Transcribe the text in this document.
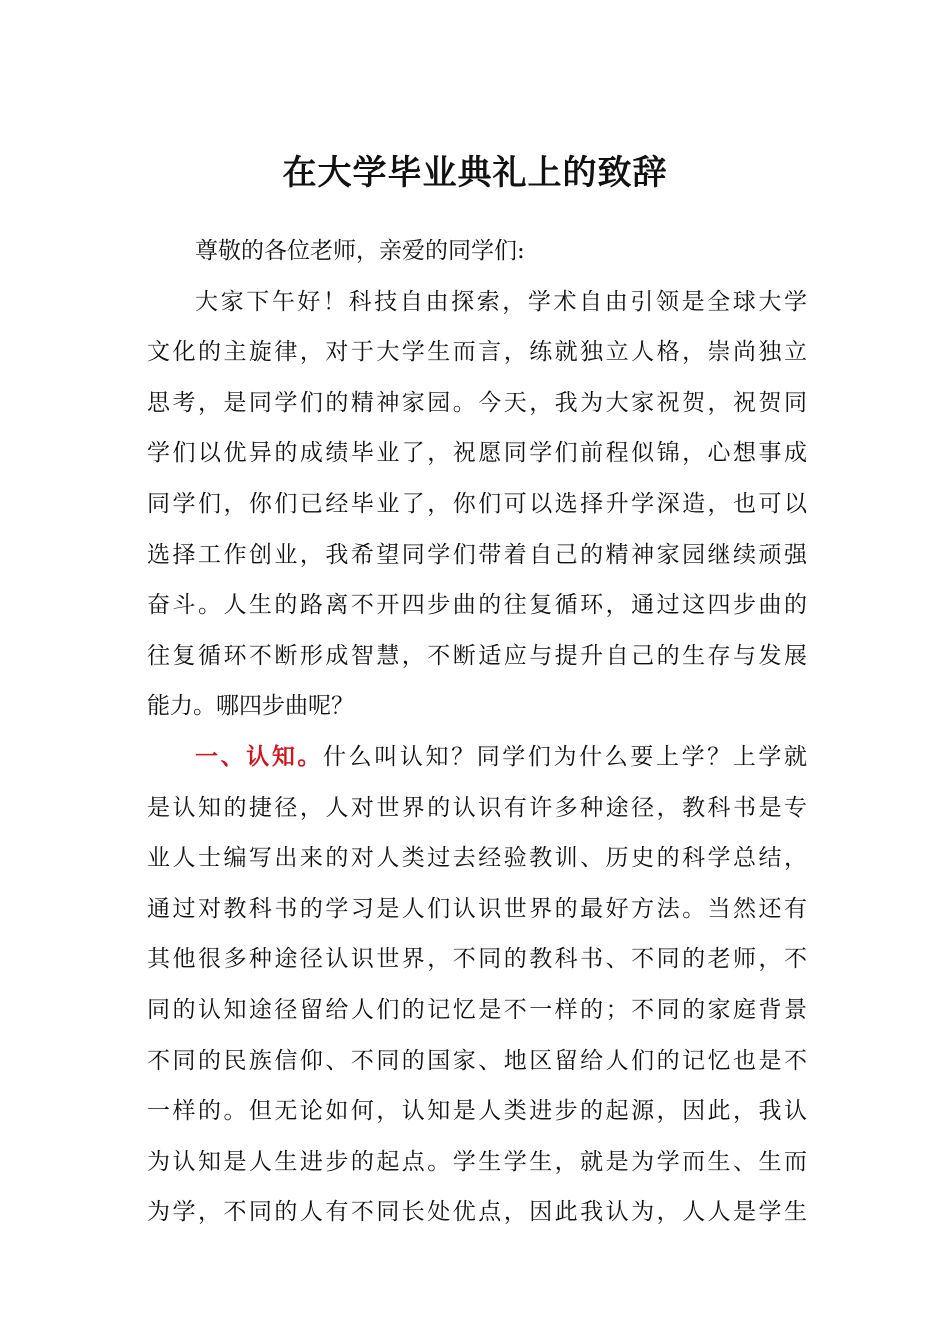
在大学毕业典礼上的致辞
尊敬的各位老师，亲爱的同学们:
大家下午好！科技自由探索，学术自由引领是全球大学
文化的主旋律，对于大学生而言，练就独立人格，崇尚独立
思考，是同学们的精神家园。今天，我为大家祝贺，祝贺同
学们以优异的成绩毕业了，祝愿同学们前程似锦，心想事成
同学们，你们已经毕业了，你们可以选择升学深造，也可以
选择工作创业，我希望同学们带着自己的精神家园继续顽强
奋斗。人生的路离不开四步曲的往复循环，通过这四步曲的
往复循环不断形成智慧，不断适应与提升自己的生存与发展
能力。哪四步曲呢？
一、认知。什么叫认知？同学们为什么要上学？上学就
是认知的捷径，人对世界的认识有许多种途径，教科书是专
业人士编写出来的对人类过去经验教训、历史的科学总结，
通过对教科书的学习是人们认识世界的最好方法。当然还有
其他很多种途径认识世界，不同的教科书、不同的老师，不
同的认知途径留给人们的记忆是不一样的；不同的家庭背景
不同的民族信仰、不同的国家、地区留给人们的记忆也是不
一样的。但无论如何，认知是人类进步的起源，因此，我认
为认知是人生进步的起点。学生学生，就是为学而生、生而
为学，不同的人有不同长处优点，因此我认为，人人是学生
